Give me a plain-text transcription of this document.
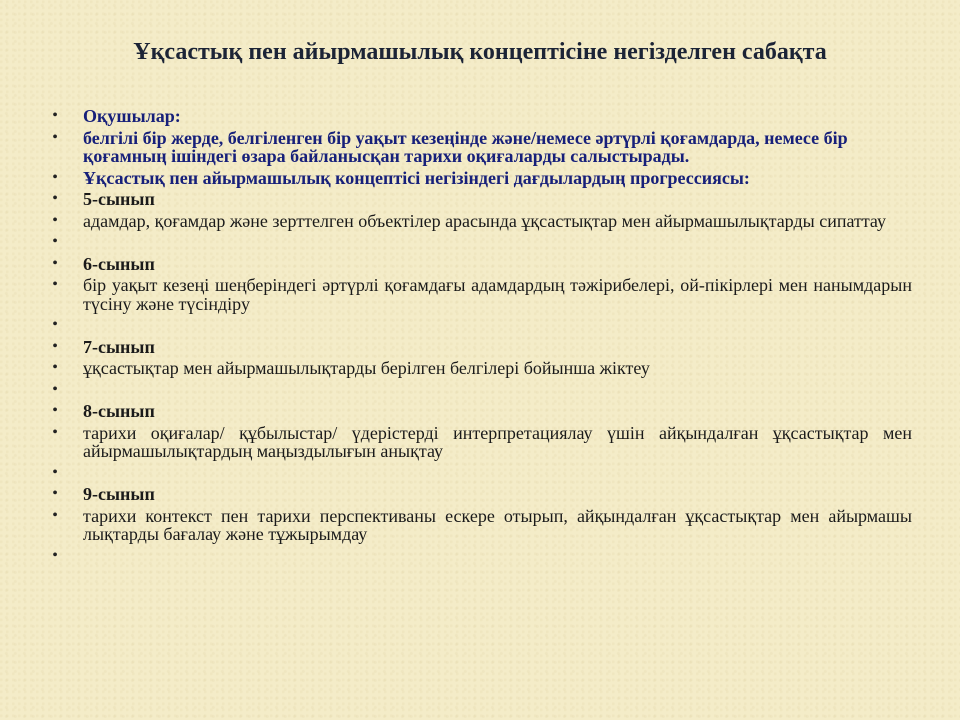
Ұқсастық пен айырмашылық концептісіне негізделген сабақта
• Оқушылар:
• белгілі бір жерде, белгіленген бір уақыт кезеңінде және/немесе әртүрлі қоғамдарда, немесе бір қоғамның ішіндегі өзара байланысқан тарихи оқиғаларды салыстырады.
• Ұқсастық пен айырмашылық концептісі негізіндегі дағдылардың прогрессиясы:
• 5-сынып
• адамдар, қоғамдар және зерттелген объектілер арасында ұқсастықтар мен айырмашылықтарды сипаттау
•
• 6-сынып
• бір уақыт кезеңі шеңберіндегі әртүрлі қоғамдағы адамдардың тәжірибелері, ой-пікірлері мен нанымдарын түсіну және түсіндіру
•
• 7-сынып
• ұқсастықтар мен айырмашылықтарды берілген белгілері бойынша жіктеу
•
• 8-сынып
• тарихи оқиғалар/ құбылыстар/ үдерістерді интерпретациялау үшін айқындалған ұқсастықтар мен айырмашылықтардың маңыздылығын анықтау
•
• 9-сынып
• тарихи контекст пен тарихи перспективаны ескере отырып, айқындалған ұқсастықтар мен айырмашы лықтарды бағалау және тұжырымдау
•
